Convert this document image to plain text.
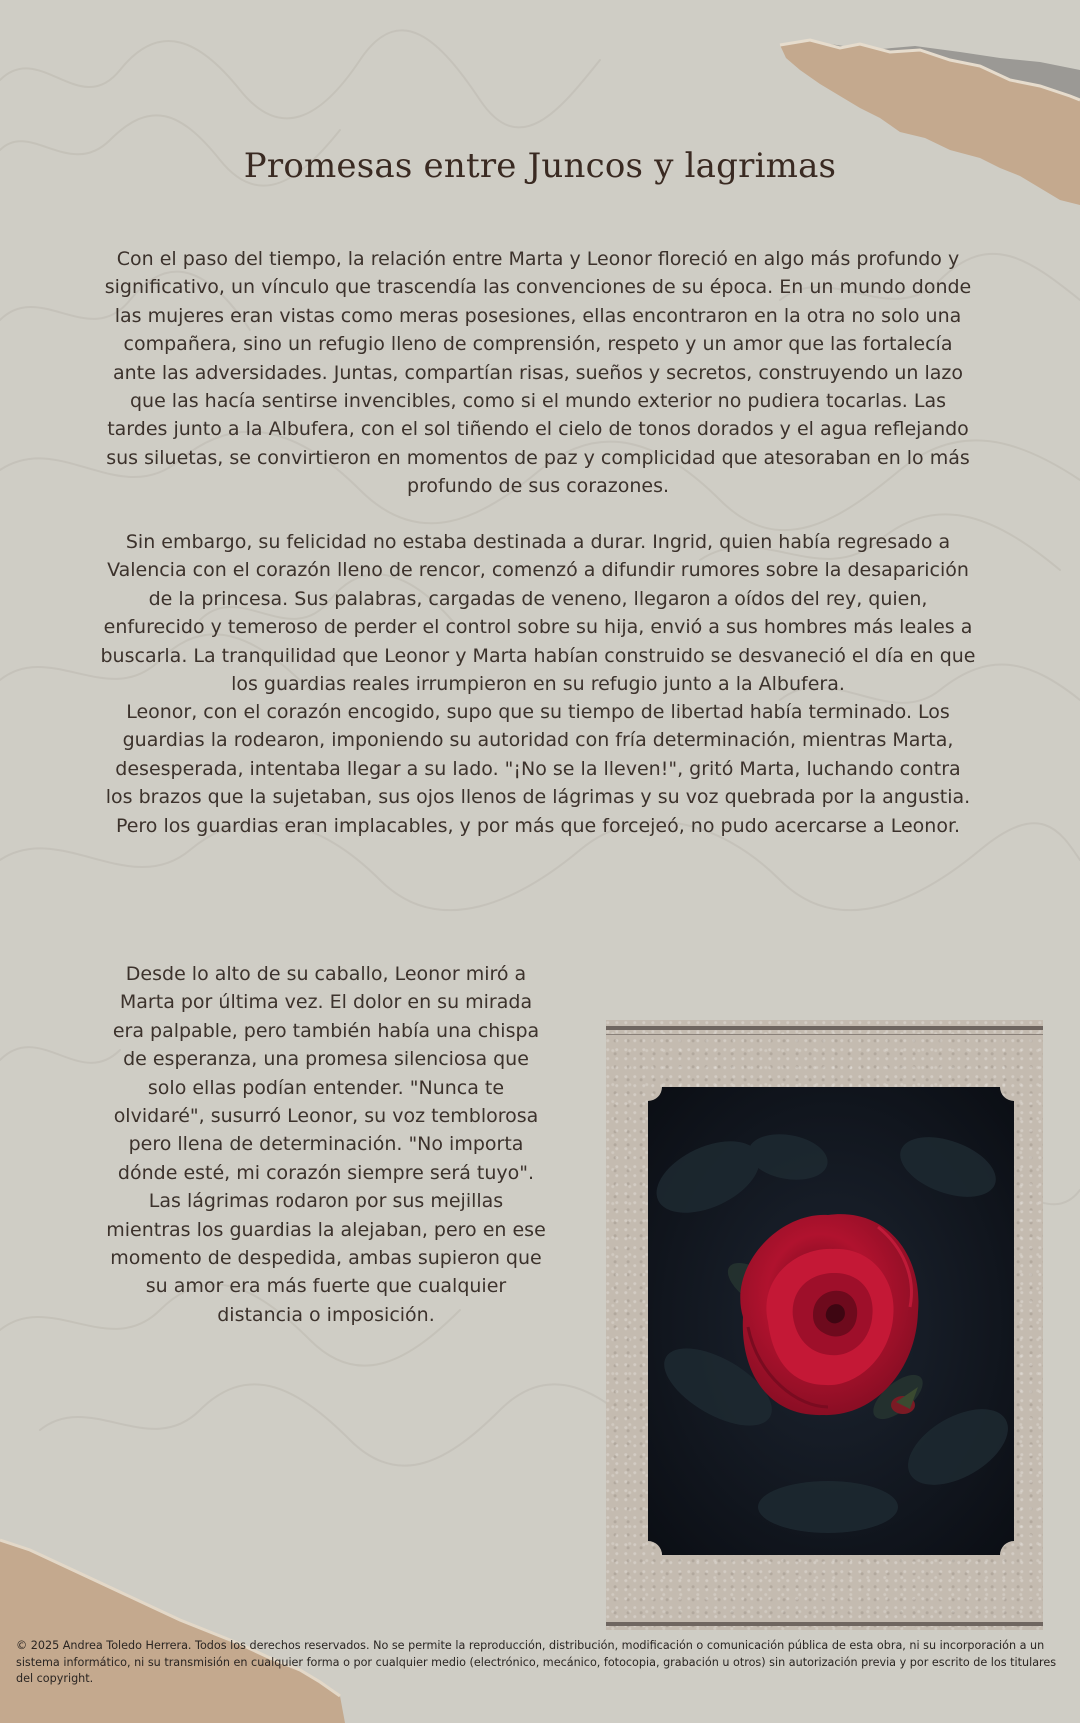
Promesas entre Juncos y lagrimas

Con el paso del tiempo, la relación entre Marta y Leonor floreció en algo más profundo y significativo, un vínculo que trascendía las convenciones de su época. En un mundo donde las mujeres eran vistas como meras posesiones, ellas encontraron en la otra no solo una compañera, sino un refugio lleno de comprensión, respeto y un amor que las fortalecía ante las adversidades. Juntas, compartían risas, sueños y secretos, construyendo un lazo que las hacía sentirse invencibles, como si el mundo exterior no pudiera tocarlas. Las tardes junto a la Albufera, con el sol tiñendo el cielo de tonos dorados y el agua reflejando sus siluetas, se convirtieron en momentos de paz y complicidad que atesoraban en lo más profundo de sus corazones.

Sin embargo, su felicidad no estaba destinada a durar. Ingrid, quien había regresado a Valencia con el corazón lleno de rencor, comenzó a difundir rumores sobre la desaparición de la princesa. Sus palabras, cargadas de veneno, llegaron a oídos del rey, quien, enfurecido y temeroso de perder el control sobre su hija, envió a sus hombres más leales a buscarla. La tranquilidad que Leonor y Marta habían construido se desvaneció el día en que los guardias reales irrumpieron en su refugio junto a la Albufera.

Leonor, con el corazón encogido, supo que su tiempo de libertad había terminado. Los guardias la rodearon, imponiendo su autoridad con fría determinación, mientras Marta, desesperada, intentaba llegar a su lado. "¡No se la lleven!", gritó Marta, luchando contra los brazos que la sujetaban, sus ojos llenos de lágrimas y su voz quebrada por la angustia. Pero los guardias eran implacables, y por más que forcejeó, no pudo acercarse a Leonor.

Desde lo alto de su caballo, Leonor miró a Marta por última vez. El dolor en su mirada era palpable, pero también había una chispa de esperanza, una promesa silenciosa que solo ellas podían entender. "Nunca te olvidaré", susurró Leonor, su voz temblorosa pero llena de determinación. "No importa dónde esté, mi corazón siempre será tuyo". Las lágrimas rodaron por sus mejillas mientras los guardias la alejaban, pero en ese momento de despedida, ambas supieron que su amor era más fuerte que cualquier distancia o imposición.

© 2025 Andrea Toledo Herrera. Todos los derechos reservados. No se permite la reproducción, distribución, modificación o comunicación pública de esta obra, ni su incorporación a un sistema informático, ni su transmisión en cualquier forma o por cualquier medio (electrónico, mecánico, fotocopia, grabación u otros) sin autorización previa y por escrito de los titulares del copyright.
